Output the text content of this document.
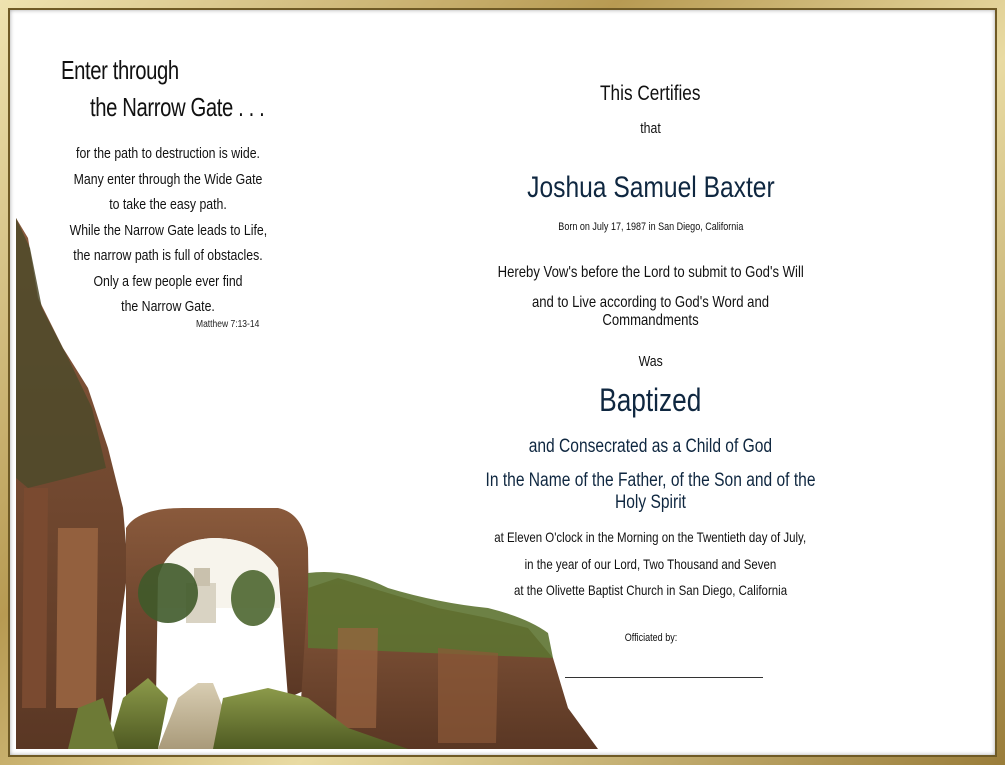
Enter through
the Narrow Gate . . .
for the path to destruction is wide.
Many enter through the Wide Gate
to take the easy path.
While the Narrow Gate leads to Life,
the narrow path is full of obstacles.
Only a few people ever find
the Narrow Gate.
Matthew 7:13-14
This Certifies
that
Joshua Samuel Baxter
Born on July 17, 1987 in San Diego, California
Hereby Vow's before the Lord to submit to God's Will
and to Live according to God's Word and Commandments
Was
Baptized
and Consecrated as a Child of God
In the Name of the Father, of the Son and of the Holy Spirit
at Eleven O'clock in the Morning on the Twentieth day of July,
in the year of our Lord, Two Thousand and Seven
at the Olivette Baptist Church in San Diego, California
Officiated by:
